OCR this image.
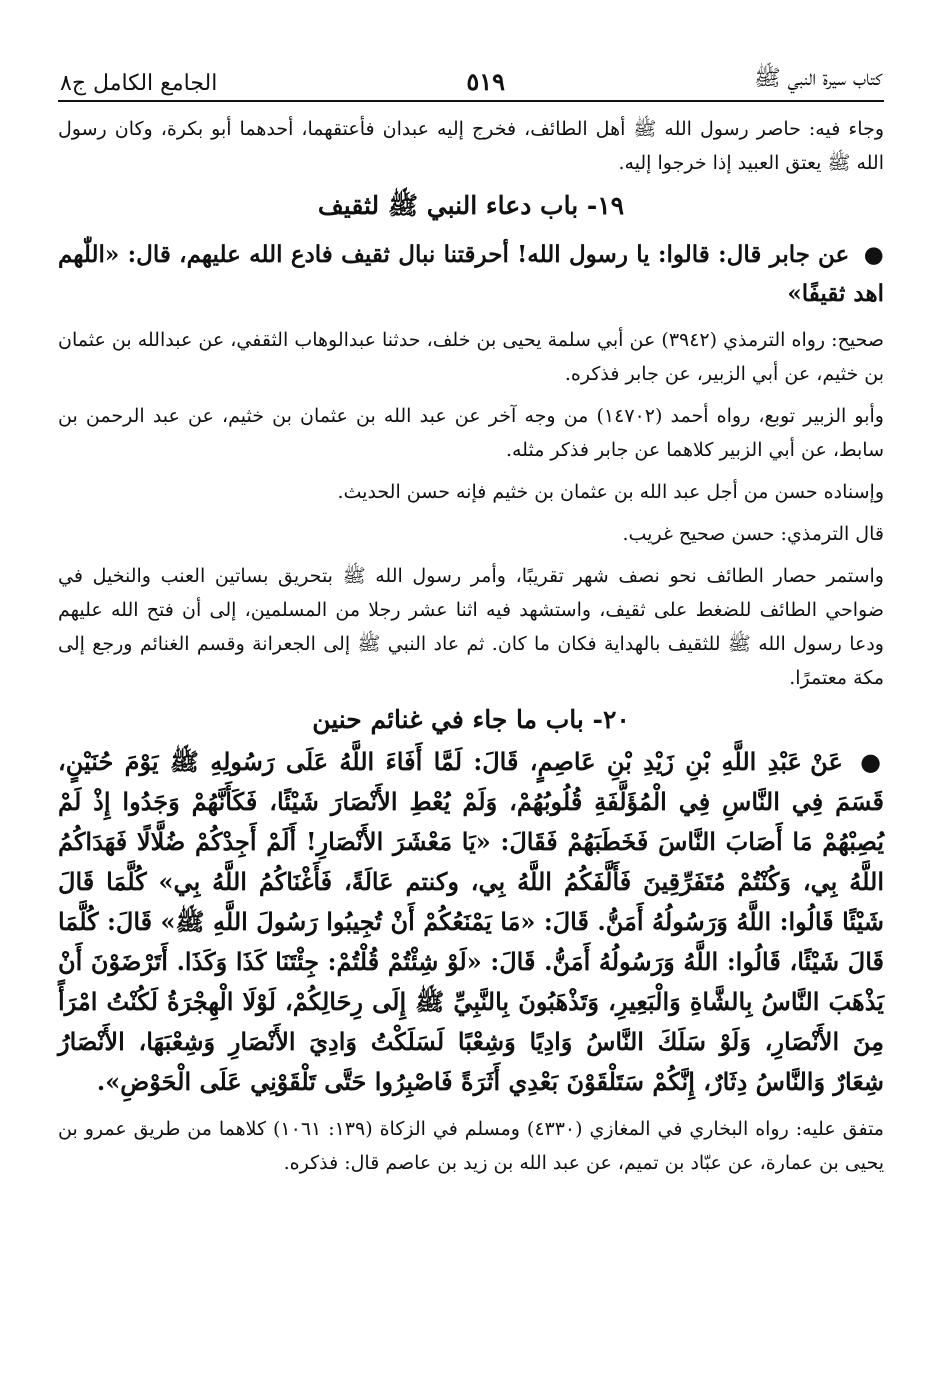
كتاب سيرة النبي ﷺ
٥١٩
الجامع الكامل ج٨

وجاء فيه: حاصر رسول الله ﷺ أهل الطائف، فخرج إليه عبدان فأعتقهما، أحدهما أبو بكرة، وكان رسول الله ﷺ يعتق العبيد إذا خرجوا إليه.

١٩- باب دعاء النبي ﷺ لثقيف

● عن جابر قال: قالوا: يا رسول الله! أحرقتنا نبال ثقيف فادع الله عليهم، قال: «اللّٰهم اهد ثقيفًا»

صحيح: رواه الترمذي (٣٩٤٢) عن أبي سلمة يحيى بن خلف، حدثنا عبدالوهاب الثقفي، عن عبدالله بن عثمان بن خثيم، عن أبي الزبير، عن جابر فذكره.

وأبو الزبير توبع، رواه أحمد (١٤٧٠٢) من وجه آخر عن عبد الله بن عثمان بن خثيم، عن عبد الرحمن بن سابط، عن أبي الزبير كلاهما عن جابر فذكر مثله.

وإسناده حسن من أجل عبد الله بن عثمان بن خثيم فإنه حسن الحديث.

قال الترمذي: حسن صحيح غريب.

واستمر حصار الطائف نحو نصف شهر تقريبًا، وأمر رسول الله ﷺ بتحريق بساتين العنب والنخيل في ضواحي الطائف للضغط على ثقيف، واستشهد فيه اثنا عشر رجلا من المسلمين، إلى أن فتح الله عليهم ودعا رسول الله ﷺ للثقيف بالهداية فكان ما كان. ثم عاد النبي ﷺ إلى الجعرانة وقسم الغنائم ورجع إلى مكة معتمرًا.

٢٠- باب ما جاء في غنائم حنين

● عَنْ عَبْدِ اللَّهِ بْنِ زَيْدِ بْنِ عَاصِمٍ، قَالَ: لَمَّا أَفَاءَ اللَّهُ عَلَى رَسُولِهِ ﷺ يَوْمَ حُنَيْنٍ، قَسَمَ فِي النَّاسِ فِي الْمُؤَلَّفَةِ قُلُوبُهُمْ، وَلَمْ يُعْطِ الأَنْصَارَ شَيْئًا، فَكَأَنَّهُمْ وَجَدُوا إِذْ لَمْ يُصِبْهُمْ مَا أَصَابَ النَّاسَ فَخَطَبَهُمْ فَقَالَ: «يَا مَعْشَرَ الأَنْصَارِ! أَلَمْ أَجِدْكُمْ ضُلَّالًا فَهَدَاكُمُ اللَّهُ بِي، وَكُنْتُمْ مُتَفَرِّقِينَ فَأَلَّفَكُمُ اللَّهُ بِي، وكنتم عَالَةً، فَأَغْنَاكُمُ اللَّهُ بِي» كُلَّمَا قَالَ شَيْئًا قَالُوا: اللَّهُ وَرَسُولُهُ أَمَنُّ. قَالَ: «مَا يَمْنَعُكُمْ أَنْ تُجِيبُوا رَسُولَ اللَّهِ ﷺ» قَالَ: كُلَّمَا قَالَ شَيْئًا، قَالُوا: اللَّهُ وَرَسُولُهُ أَمَنُّ. قَالَ: «لَوْ شِئْتُمْ قُلْتُمْ: جِئْتَنَا كَذَا وَكَذَا. أَتَرْضَوْنَ أَنْ يَذْهَبَ النَّاسُ بِالشَّاةِ وَالْبَعِيرِ، وَتَذْهَبُونَ بِالنَّبِيِّ ﷺ إِلَى رِحَالِكُمْ، لَوْلَا الْهِجْرَةُ لَكُنْتُ امْرَأً مِنَ الأَنْصَارِ، وَلَوْ سَلَكَ النَّاسُ وَادِيًا وَشِعْبًا لَسَلَكْتُ وَادِيَ الأَنْصَارِ وَشِعْبَهَا، الأَنْصَارُ شِعَارٌ وَالنَّاسُ دِثَارٌ، إِنَّكُمْ سَتَلْقَوْنَ بَعْدِي أَثَرَةً فَاصْبِرُوا حَتَّى تَلْقَوْنِي عَلَى الْحَوْضِ».

متفق عليه: رواه البخاري في المغازي (٤٣٣٠) ومسلم في الزكاة (١٣٩: ١٠٦١) كلاهما من طريق عمرو بن يحيى بن عمارة، عن عبّاد بن تميم، عن عبد الله بن زيد بن عاصم قال: فذكره.
